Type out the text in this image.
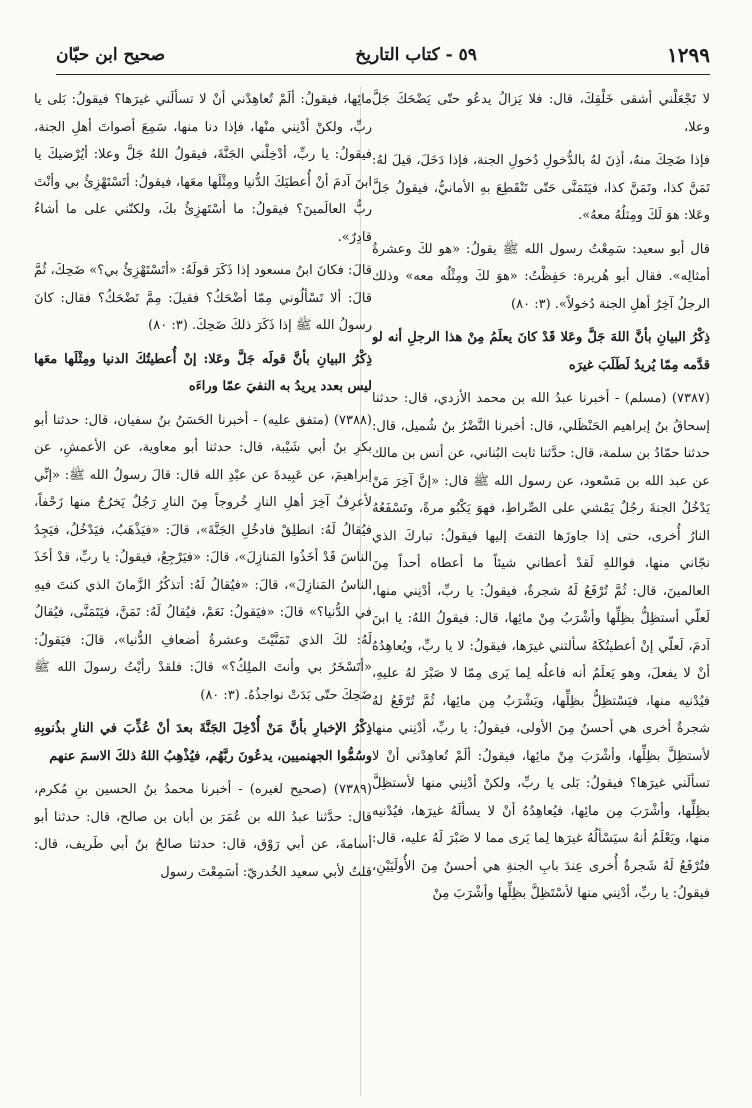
١٢٩٩
٥٩ - كتاب التاريخ
صحيح ابن حبّان

لا تَجْعَلْني أشقى خَلْقِكَ، قال: فلا يَزالُ يدعُو حتّى يَضْحَكَ جَلَّ وعلا،

فإذا ضَحِكَ منهُ، أذِنَ لهُ بالدُّخولِ دُخولِ الجنة، فإذا دَخَلَ، قيلَ لهُ: تَمَنَّ كذا، وتَمَنَّ كذا، فيَتَمَنَّى حَتّى تَنْقَطِعَ بهِ الأمانيُّ، فيقولُ جَلَّ وعَلا: هوَ لَكَ ومِثلُهُ معهُ».

قال أبو سعيد: سَمِعْتُ رسول الله ﷺ يقولُ: «هو لكَ وعشرةُ أمثالِه». فقال أبو هُريرة: حَفِظْتُ: «هوَ لكَ ومِثْلُه معه» وذلك الرجلُ آخِرُ أهلِ الجنة دُخولاً». (٣: ٨٠)

ذِكْرُ البيانِ بأنَّ اللهَ جَلَّ وعَلا قَدْ كانَ يعلَمُ مِنْ هذا الرجلِ أنه لو قدَّمه مِمّا يُريدُ لَطَلَبَ غيرَه

(٧٣٨٧) (مسلم) - أخبرنا عبدُ الله بن محمد الأزدي، قال: حدثنا إسحاقُ بنُ إبراهيم الحَنْظَلي، قال: أخبرنا النَّضْرُ بنُ شُميل، قال: حدثنا حمّادُ بن سلمة، قال: حدَّثنا ثابت البُناني، عن أنس بن مالك عن عبد الله بن مَسْعود، عن رسول الله ﷺ قال: «إنَّ آخِرَ مَنْ يَدْخُلُ الجنةَ رجُلٌ يَمْشي على الصِّراطِ، فهوَ يَكْبُو مرةً، وتَسْفَعُهُ النارُ أُخرى، حتى إذا جاوزَها التفتَ إليها فيقولُ: تباركَ الذي نجّاني منها، فواللهِ لَقدْ أعطاني شيئاً ما أعطاه أحداً مِنَ العالمينَ، قال: ثُمَّ تُرْفَعُ لَهُ شجرةٌ، فيقولُ: يا ربِّ، أدْنِني منها، لَعلّي أستظِلُّ بظِلِّها وأشْرَبُ مِنْ مائِها، قال: فيقولُ اللهُ: يا ابنَ آدمَ، لَعلّي إنْ أعطيتُكَهُ سألتني غيرَها، فيقولُ: لا يا ربِّ، ويُعاهِدُهُ أنْ لا يفعلَ، وهو يَعلَمُ أنه فاعلُه لِما يَرى مِمّا لا صَبْرَ لهُ عليهِ، فيُدْنيه منها، فيَسْتظِلُّ بظِلِّها، ويَشْرَبُ مِن مائِها، ثُمَّ تُرْفَعُ لهُ شجرةٌ أخرى هي أحسنُ مِنَ الأولى، فيقولُ: يا ربِّ، أدْنِني منها لأستظِلَّ بظِلِّها، وأشْرَبَ مِنْ مائِها، فيقولُ: ألَمْ تُعاهِدْني أنْ لا تسألَني غيرَها؟ فيقولُ: بَلى يا ربِّ، ولكنْ أدْنِني منها لأستظِلَّ بظِلِّها، وأشْرَبَ مِن مائِها، فيُعاهِدُهُ أنْ لا يسألَهُ غيرَها، فيُدْنيه منها، ويَعْلَمُ أنهُ سيَسْألُهُ غيرَها لِما يَرى مما لا صَبْرَ لَهُ عليه، قال: فتُرْفَعُ لَهُ شَجرةٌ أُخرى عِندَ بابِ الجنةِ هي أحسنُ مِنَ الأُولَيَيْنِ، فيقولُ: يا ربِّ، أدْنِني منها لأسْتَظِلَّ بظِلِّها وأشْرَبَ مِنْ

مائِها، فيقولُ: ألَمْ تُعاهِدْني أنْ لا تسألَني غيرَها؟ فيقولُ: بَلى يا ربِّ، ولكنْ أدْنِني منْها، فإذا دنا منها، سَمِعَ أصواتَ أهلِ الجنة، فيقولُ: يا ربِّ، أدْخِلْني الجَنَّةَ، فيقولُ اللهُ جَلَّ وعلا: أيُرْضيكَ يا ابنَ آدمَ أنْ أُعطيَكَ الدُّنيا ومِثْلَها معَها، فيقولُ: أتَسْتَهْزِئُ بي وأنْتَ ربُّ العالَمينَ؟ فيقولُ: ما أسْتَهزِئُ بكَ، ولكنّني على ما أشاءُ قادِرٌ».

قالَ: فكانَ ابنُ مسعود إذا ذَكَرَ قولَهُ: «أتَسْتَهْزِئُ بي؟» ضَحِكَ، ثُمَّ قالَ: ألا تَسْألُوني مِمّا أضْحَكُ؟ فقيلَ: مِمَّ تَضْحَكُ؟ فقال: كانَ رسولُ الله ﷺ إذا ذَكَرَ ذلكَ ضَحِكَ. (٣: ٨٠)

ذِكْرُ البيانِ بأنَّ قولَه جَلَّ وعَلا: إنْ أُعطيتُكَ الدنيا ومِثْلَها معَها ليس بعدد يريدُ به النفيَ عمّا وراءَه

(٧٣٨٨) (متفق عليه) - أخبرنا الحَسَنُ بنُ سفيان، قال: حدثنا أبو بكرِ بنُ أبي شَيْبة، قال: حدثنا أبو معاوية، عن الأعمشِ، عن إبراهيمَ، عن عَبِيدةَ عن عبْدِ الله قال: قالَ رسولُ الله ﷺ: «إنِّي لأعرِفُ آخِرَ أهلِ النارِ خُروجاً مِنَ النارِ رَجُلٌ يَخرُجُ منها زَحْفاً، فيُقالُ لَهُ: انطلِقْ فادخُلِ الجَنَّةَ»، قالَ: «فيَذْهَبُ، فيَدْخُلُ، فيَجِدُ الناسَ قَدْ أخَذُوا المَنازِلَ»، قالَ: «فيَرْجِعُ، فيقولُ: يا ربِّ، قدْ أخَذَ الناسُ المَنازِلَ»، قالَ: «فيُقالُ لَهُ: أتذكُرُ الزَّمانَ الذي كنتَ فيهِ في الدُّنيا؟» قالَ: «فيَقولُ: نَعَمْ، فيُقالُ لَهُ: تَمَنَّ، فيَتَمَنَّى، فيُقالُ لَهُ: لكَ الذي تَمَنَّيْتَ وعشرةُ أضعافِ الدُّنيا»، قالَ: فيَقولُ: «أتَسْخَرُ بي وأنتَ الملِكُ؟» قالَ: فلقدْ رأيْتُ رسولَ الله ﷺ ضَحِكَ حتّى بَدَتْ نواجذُهُ. (٣: ٨٠)

ذِكْرُ الإخبارِ بأنَّ مَنْ أُدْخِلَ الجَنَّةَ بعدَ أنْ عُذِّبَ في النارِ بذُنوبِهِ وسُمُّوا الجهنميين، يدعُونَ ربَّهُم، فيُذْهِبُ اللهُ ذلكَ الاسمَ عنهم

(٧٣٨٩) (صحيح لغيره) - أخبرنا محمدُ بنُ الحسين بنِ مُكرم، قال: حدَّثنا عبدُ الله بن عُمَرَ بن أبان بن صالح، قال: حدثنا أبو أسامةَ، عن أبي رَوْق، قال: حدثنا صالحُ بنُ أبي طَريف، قال: قلتُ لأبي سعيد الخُدريّ: أسَمِعْتَ رسول
